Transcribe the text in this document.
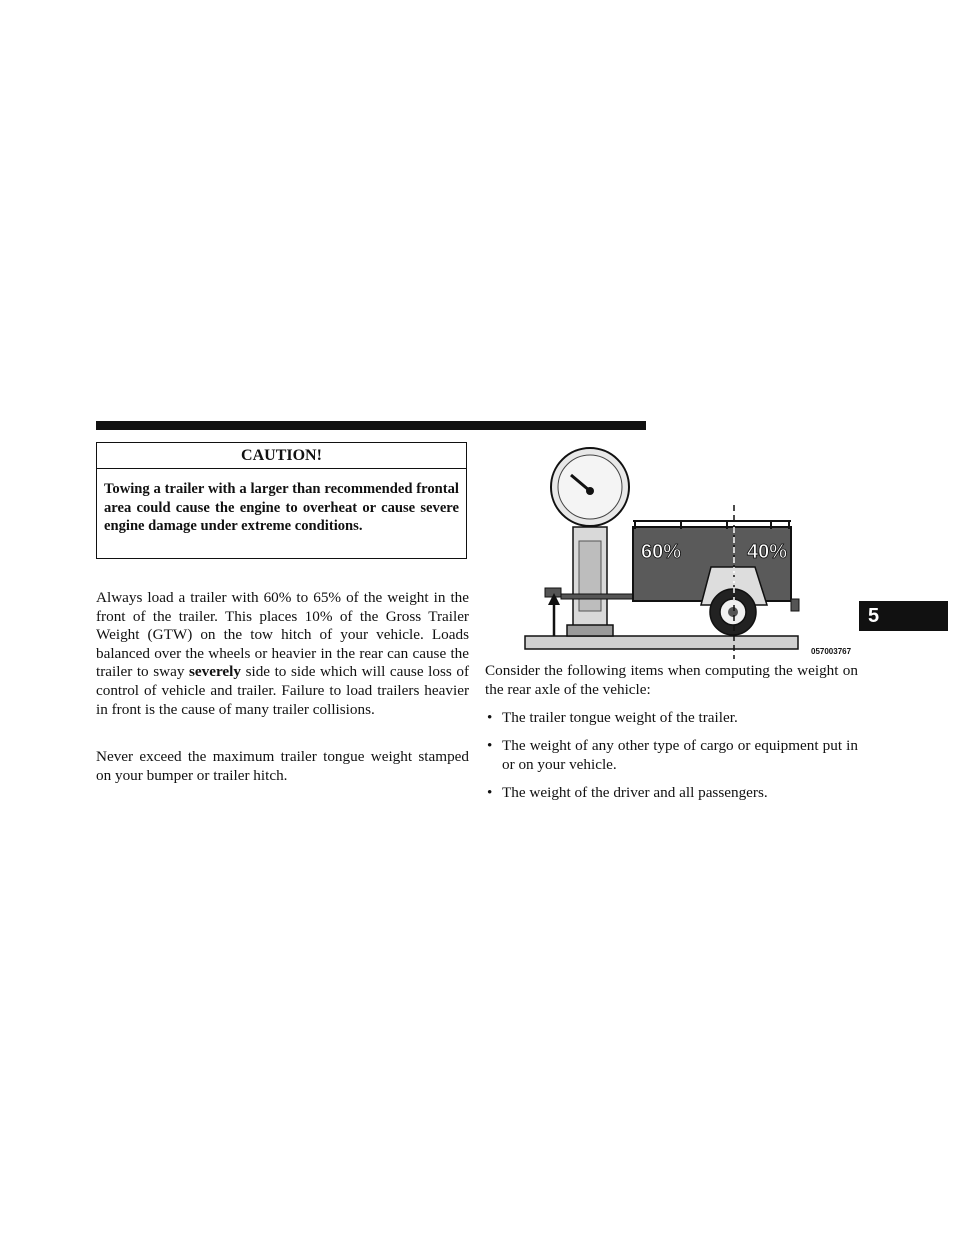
CAUTION!
Towing a trailer with a larger than recommended frontal area could cause the engine to overheat or cause severe engine damage under extreme conditions.
Always load a trailer with 60% to 65% of the weight in the front of the trailer. This places 10% of the Gross Trailer Weight (GTW) on the tow hitch of your vehicle. Loads balanced over the wheels or heavier in the rear can cause the trailer to sway severely side to side which will cause loss of control of vehicle and trailer. Failure to load trailers heavier in front is the cause of many trailer collisions.
Never exceed the maximum trailer tongue weight stamped on your bumper or trailer hitch.
60%	40%
057003767
Consider the following items when computing the weight on the rear axle of the vehicle:
• The trailer tongue weight of the trailer.
• The weight of any other type of cargo or equipment put in or on your vehicle.
• The weight of the driver and all passengers.
5
